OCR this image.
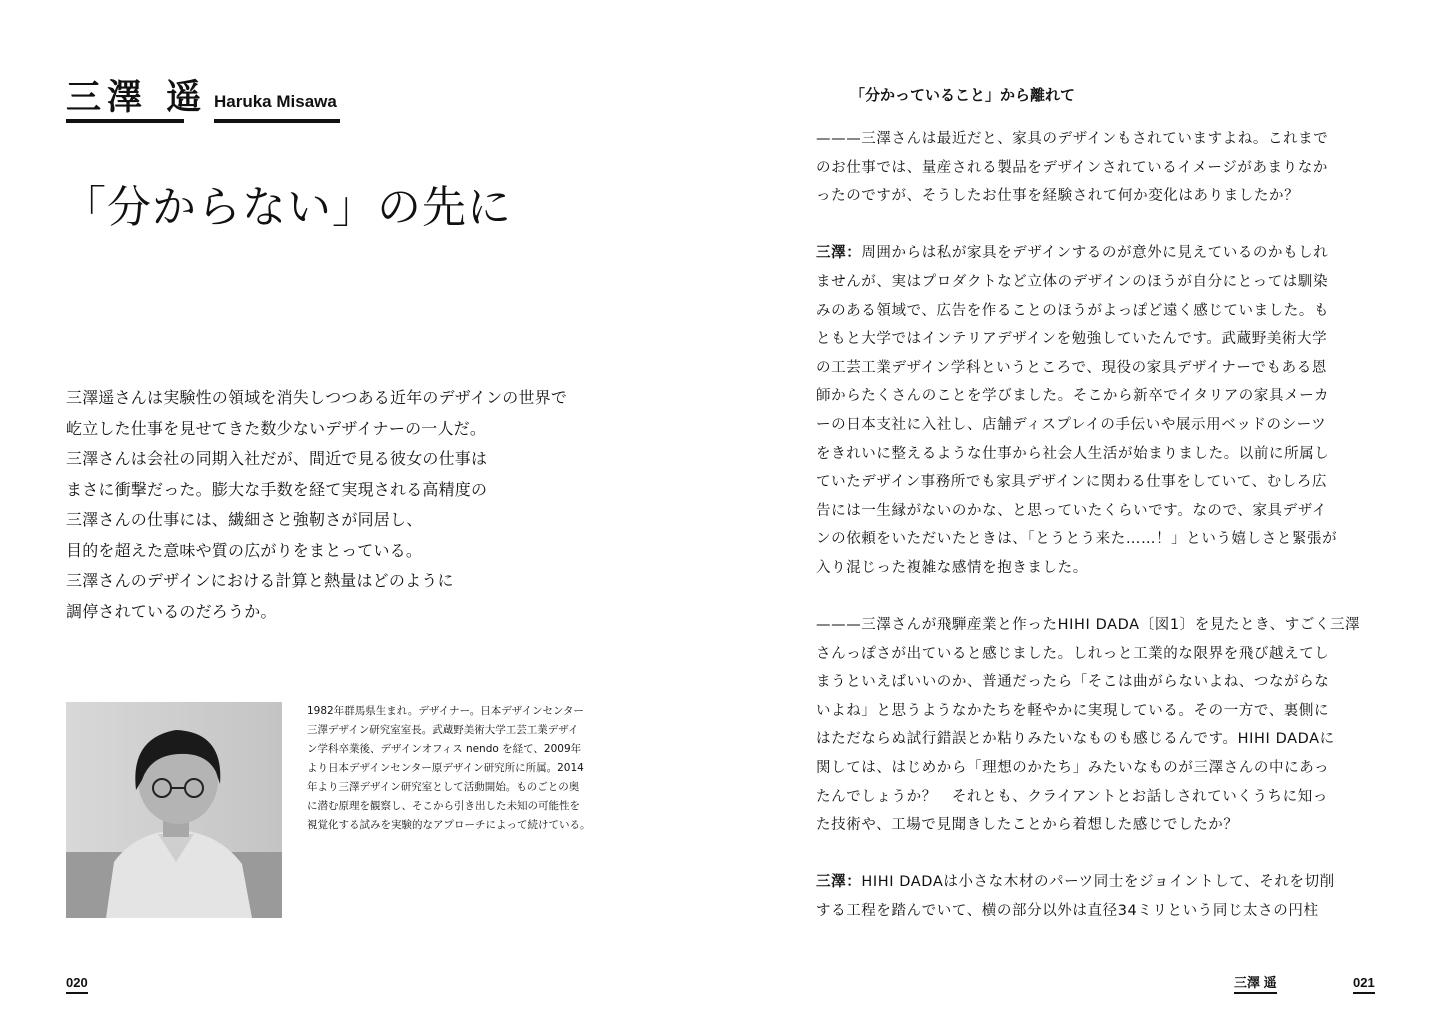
三澤 遥 Haruka Misawa
「分からない」の先に
三澤遥さんは実験性の領域を消失しつつある近年のデザインの世界で
屹立した仕事を見せてきた数少ないデザイナーの一人だ。
三澤さんは会社の同期入社だが、間近で見る彼女の仕事は
まさに衝撃だった。膨大な手数を経て実現される高精度の
三澤さんの仕事には、繊細さと強靭さが同居し、
目的を超えた意味や質の広がりをまとっている。
三澤さんのデザインにおける計算と熱量はどのように
調停されているのだろうか。
1982年群馬県生まれ。デザイナー。日本デザインセンター
三澤デザイン研究室室長。武蔵野美術大学工芸工業デザイ
ン学科卒業後、デザインオフィス nendo を経て、2009年
より日本デザインセンター原デザイン研究所に所属。2014
年より三澤デザイン研究室として活動開始。ものごとの奥
に潜む原理を観察し、そこから引き出した未知の可能性を
視覚化する試みを実験的なアプローチによって続けている。
020
「分かっていること」から離れて
———三澤さんは最近だと、家具のデザインもされていますよね。これまで
のお仕事では、量産される製品をデザインされているイメージがあまりなか
ったのですが、そうしたお仕事を経験されて何か変化はありましたか？
三澤：周囲からは私が家具をデザインするのが意外に見えているのかもしれ
ませんが、実はプロダクトなど立体のデザインのほうが自分にとっては馴染
みのある領域で、広告を作ることのほうがよっぽど遠く感じていました。も
ともと大学ではインテリアデザインを勉強していたんです。武蔵野美術大学
の工芸工業デザイン学科というところで、現役の家具デザイナーでもある恩
師からたくさんのことを学びました。そこから新卒でイタリアの家具メーカ
ーの日本支社に入社し、店舗ディスプレイの手伝いや展示用ベッドのシーツ
をきれいに整えるような仕事から社会人生活が始まりました。以前に所属し
ていたデザイン事務所でも家具デザインに関わる仕事をしていて、むしろ広
告には一生縁がないのかな、と思っていたくらいです。なので、家具デザイ
ンの依頼をいただいたときは、「とうとう来た……！」という嬉しさと緊張が
入り混じった複雑な感情を抱きました。
———三澤さんが飛騨産業と作ったHIHI DADA〔図1〕を見たとき、すごく三澤
さんっぽさが出ていると感じました。しれっと工業的な限界を飛び越えてし
まうといえばいいのか、普通だったら「そこは曲がらないよね、つながらな
いよね」と思うようなかたちを軽やかに実現している。その一方で、裏側に
はただならぬ試行錯誤とか粘りみたいなものも感じるんです。HIHI DADAに
関しては、はじめから「理想のかたち」みたいなものが三澤さんの中にあっ
たんでしょうか？　それとも、クライアントとお話しされていくうちに知っ
た技術や、工場で見聞きしたことから着想した感じでしたか？
三澤：HIHI DADAは小さな木材のパーツ同士をジョイントして、それを切削
する工程を踏んでいて、横の部分以外は直径34ミリという同じ太さの円柱
三澤 遥	021
